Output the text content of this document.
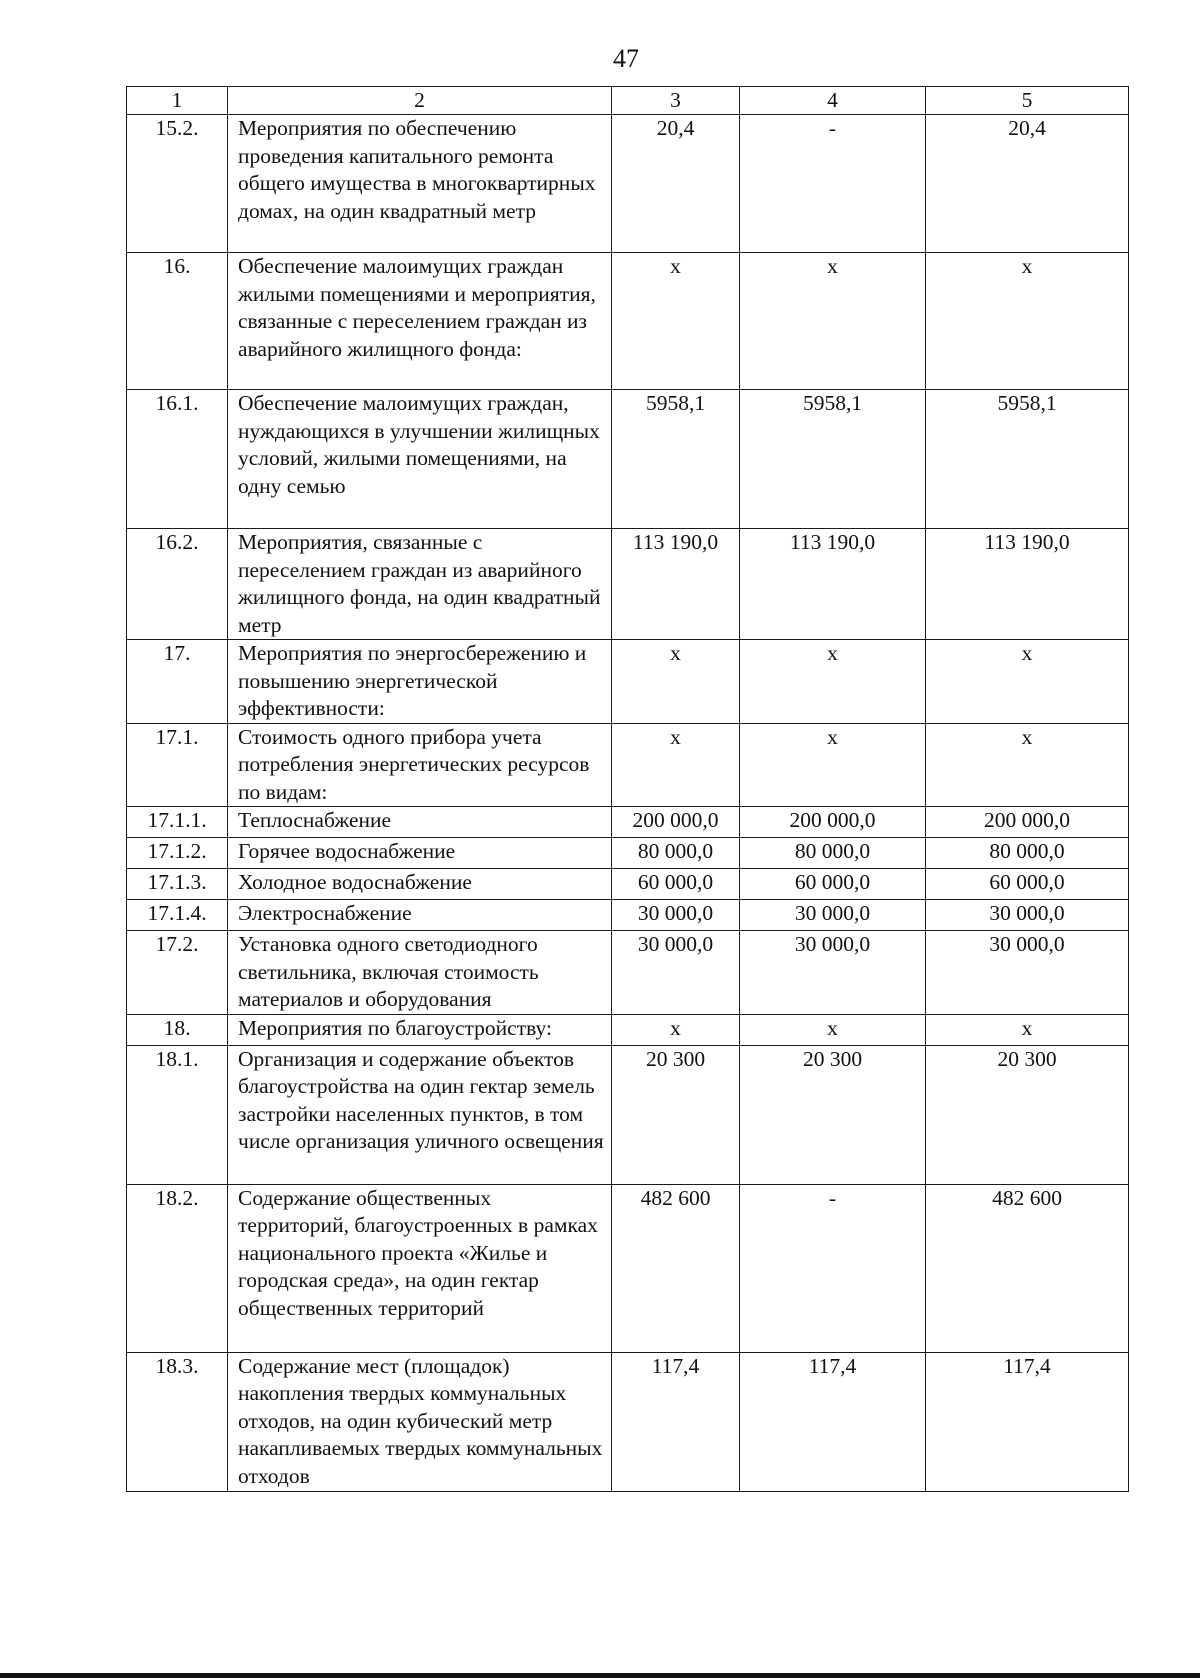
47
1	2	3	4	5
15.2.	Мероприятия по обеспечению проведения капитального ремонта общего имущества в многоквартирных домах, на один квадратный метр	20,4	-	20,4
16.	Обеспечение малоимущих граждан жилыми помещениями и мероприятия, связанные с переселением граждан из аварийного жилищного фонда:	х	х	х
16.1.	Обеспечение малоимущих граждан, нуждающихся в улучшении жилищных условий, жилыми помещениями, на одну семью	5958,1	5958,1	5958,1
16.2.	Мероприятия, связанные с переселением граждан из аварийного жилищного фонда, на один квадратный метр	113 190,0	113 190,0	113 190,0
17.	Мероприятия по энергосбережению и повышению энергетической эффективности:	х	х	х
17.1.	Стоимость одного прибора учета потребления энергетических ресурсов по видам:	х	х	х
17.1.1.	Теплоснабжение	200 000,0	200 000,0	200 000,0
17.1.2.	Горячее водоснабжение	80 000,0	80 000,0	80 000,0
17.1.3.	Холодное водоснабжение	60 000,0	60 000,0	60 000,0
17.1.4.	Электроснабжение	30 000,0	30 000,0	30 000,0
17.2.	Установка одного светодиодного светильника, включая стоимость материалов и оборудования	30 000,0	30 000,0	30 000,0
18.	Мероприятия по благоустройству:	х	х	х
18.1.	Организация и содержание объектов благоустройства на один гектар земель застройки населенных пунктов, в том числе организация уличного освещения	20 300	20 300	20 300
18.2.	Содержание общественных территорий, благоустроенных в рамках национального проекта «Жилье и городская среда», на один гектар общественных территорий	482 600	-	482 600
18.3.	Содержание мест (площадок) накопления твердых коммунальных отходов, на один кубический метр накапливаемых твердых коммунальных отходов	117,4	117,4	117,4
